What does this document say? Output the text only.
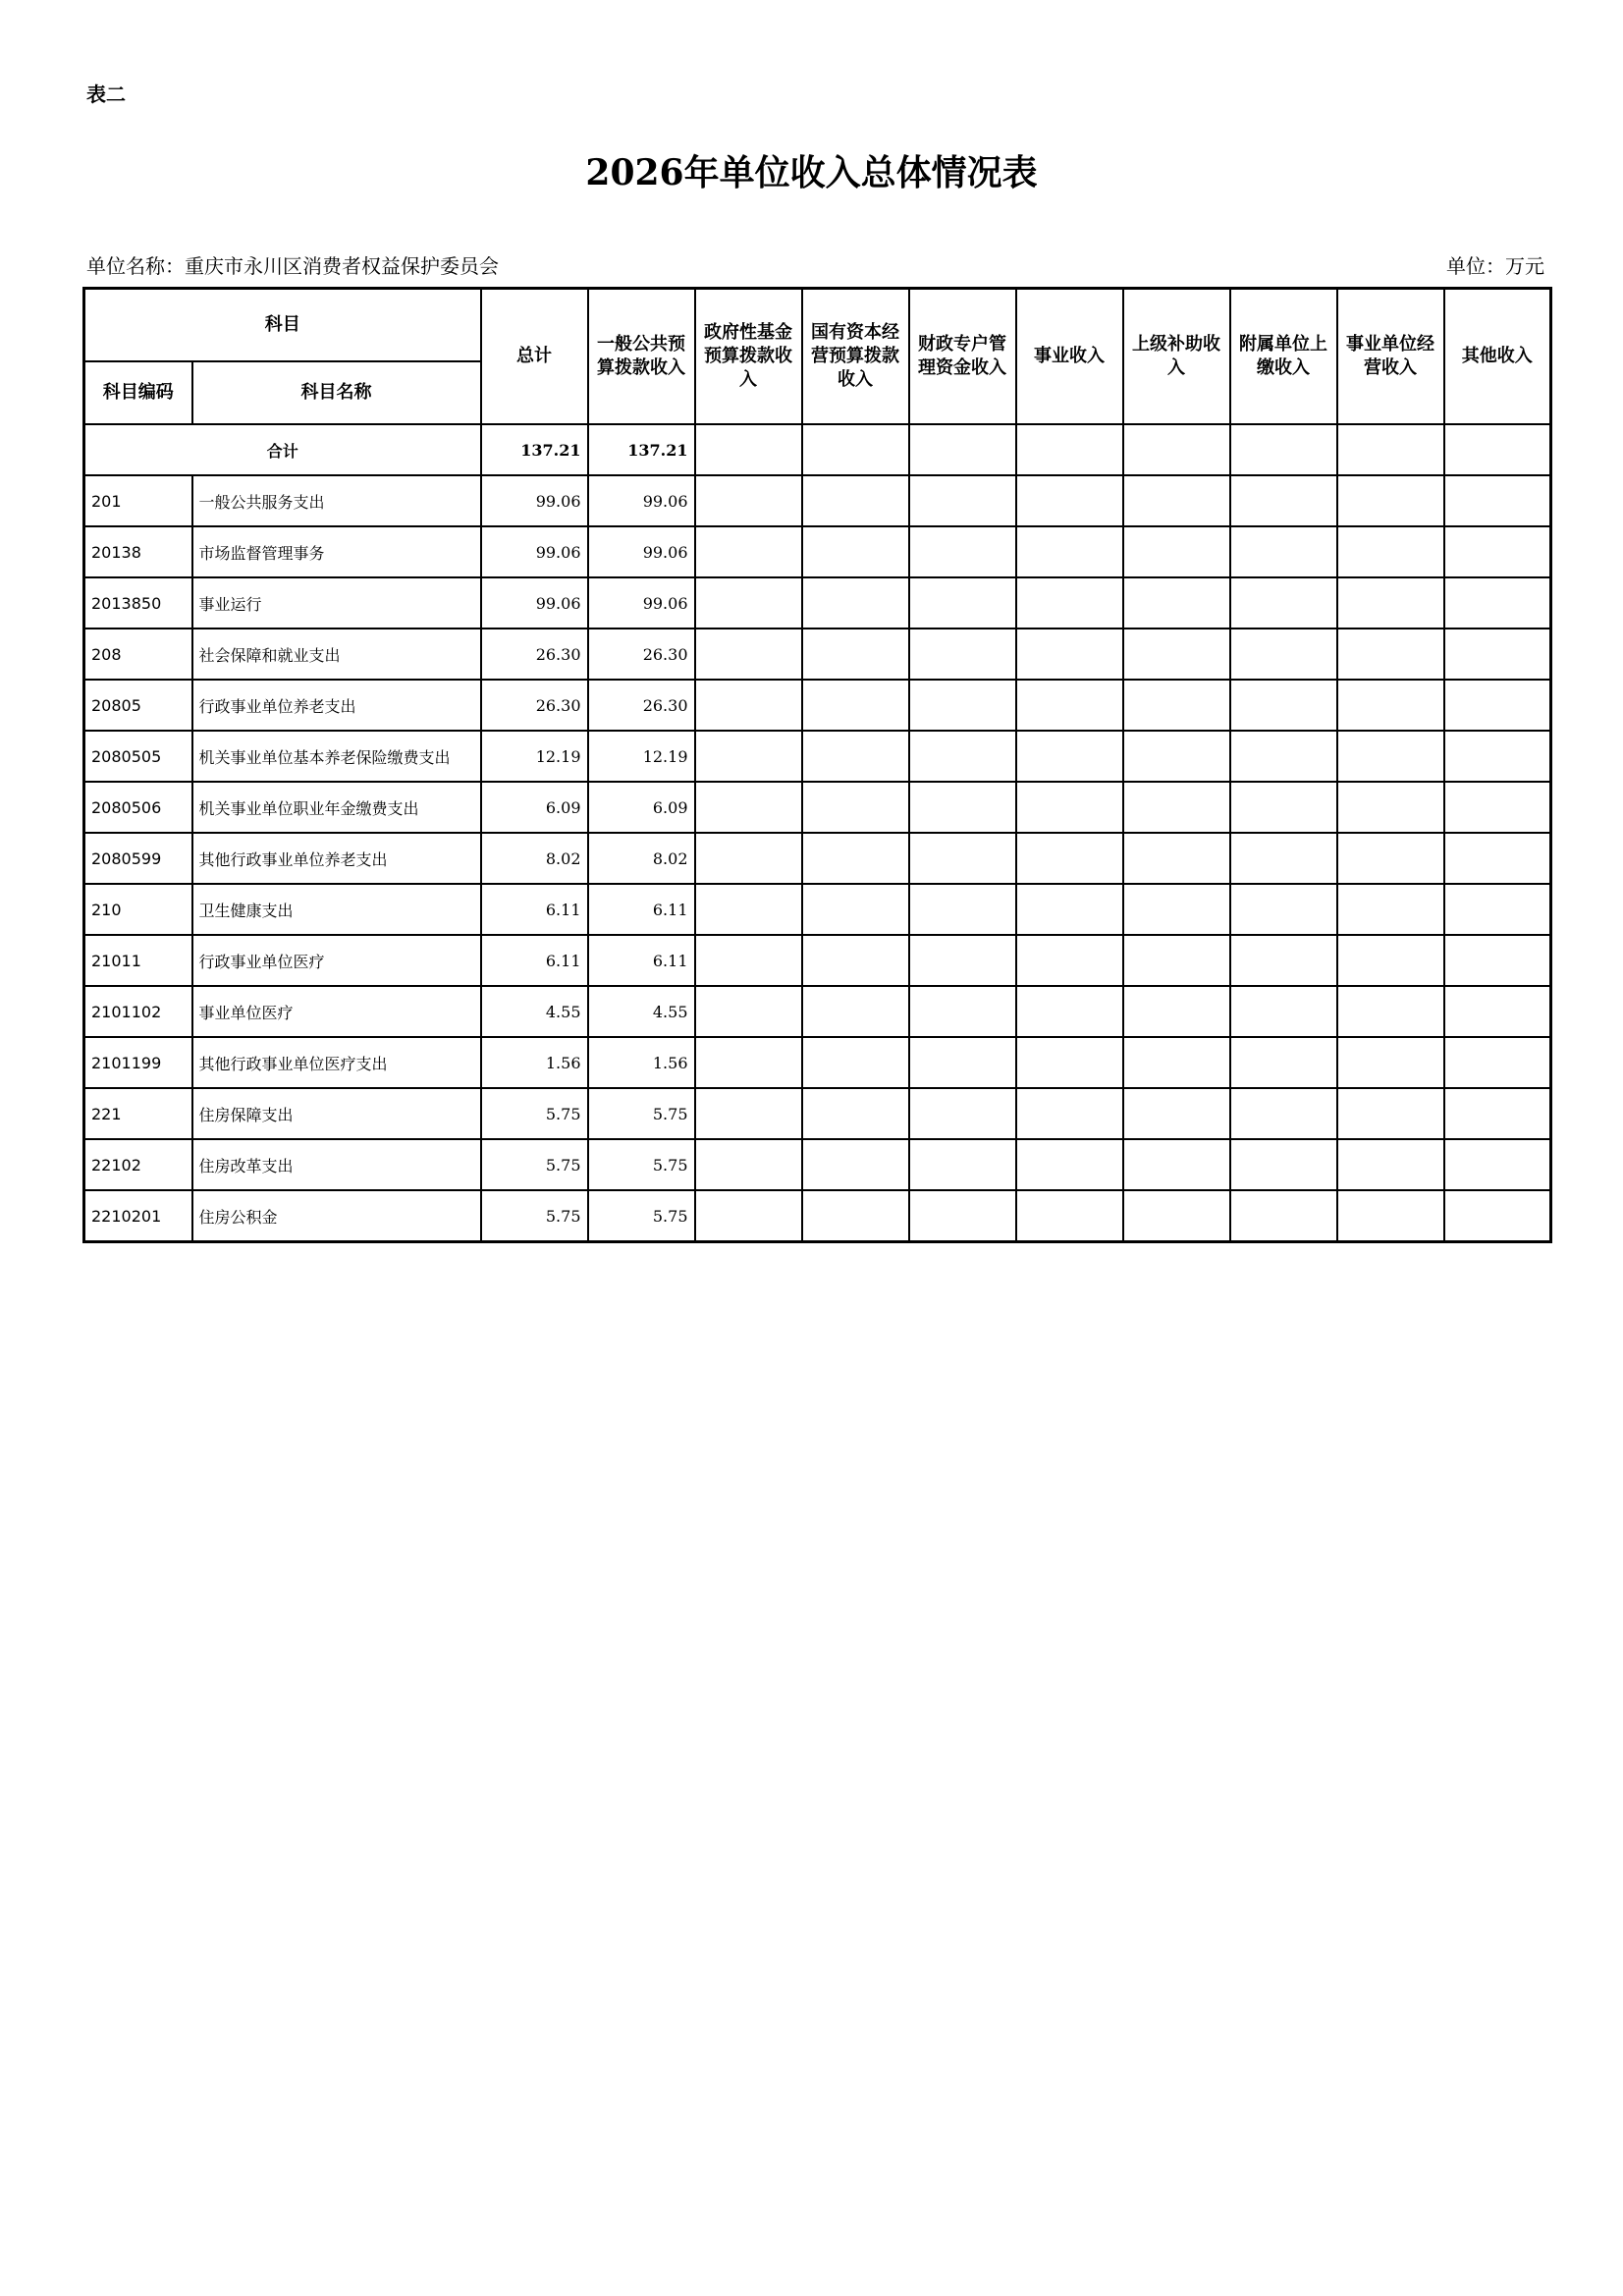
表二
2026年单位收入总体情况表
单位名称：重庆市永川区消费者权益保护委员会	单位：万元
科目		总计	一般公共预算拨款收入	政府性基金预算拨款收入	国有资本经营预算拨款收入	财政专户管理资金收入	事业收入	上级补助收入	附属单位上缴收入	事业单位经营收入	其他收入
科目编码	科目名称										
合计		137.21	137.21								
201	一般公共服务支出	99.06	99.06								
20138	市场监督管理事务	99.06	99.06								
2013850	事业运行	99.06	99.06								
208	社会保障和就业支出	26.30	26.30								
20805	行政事业单位养老支出	26.30	26.30								
2080505	机关事业单位基本养老保险缴费支出	12.19	12.19								
2080506	机关事业单位职业年金缴费支出	6.09	6.09								
2080599	其他行政事业单位养老支出	8.02	8.02								
210	卫生健康支出	6.11	6.11								
21011	行政事业单位医疗	6.11	6.11								
2101102	事业单位医疗	4.55	4.55								
2101199	其他行政事业单位医疗支出	1.56	1.56								
221	住房保障支出	5.75	5.75								
22102	住房改革支出	5.75	5.75								
2210201	住房公积金	5.75	5.75								
